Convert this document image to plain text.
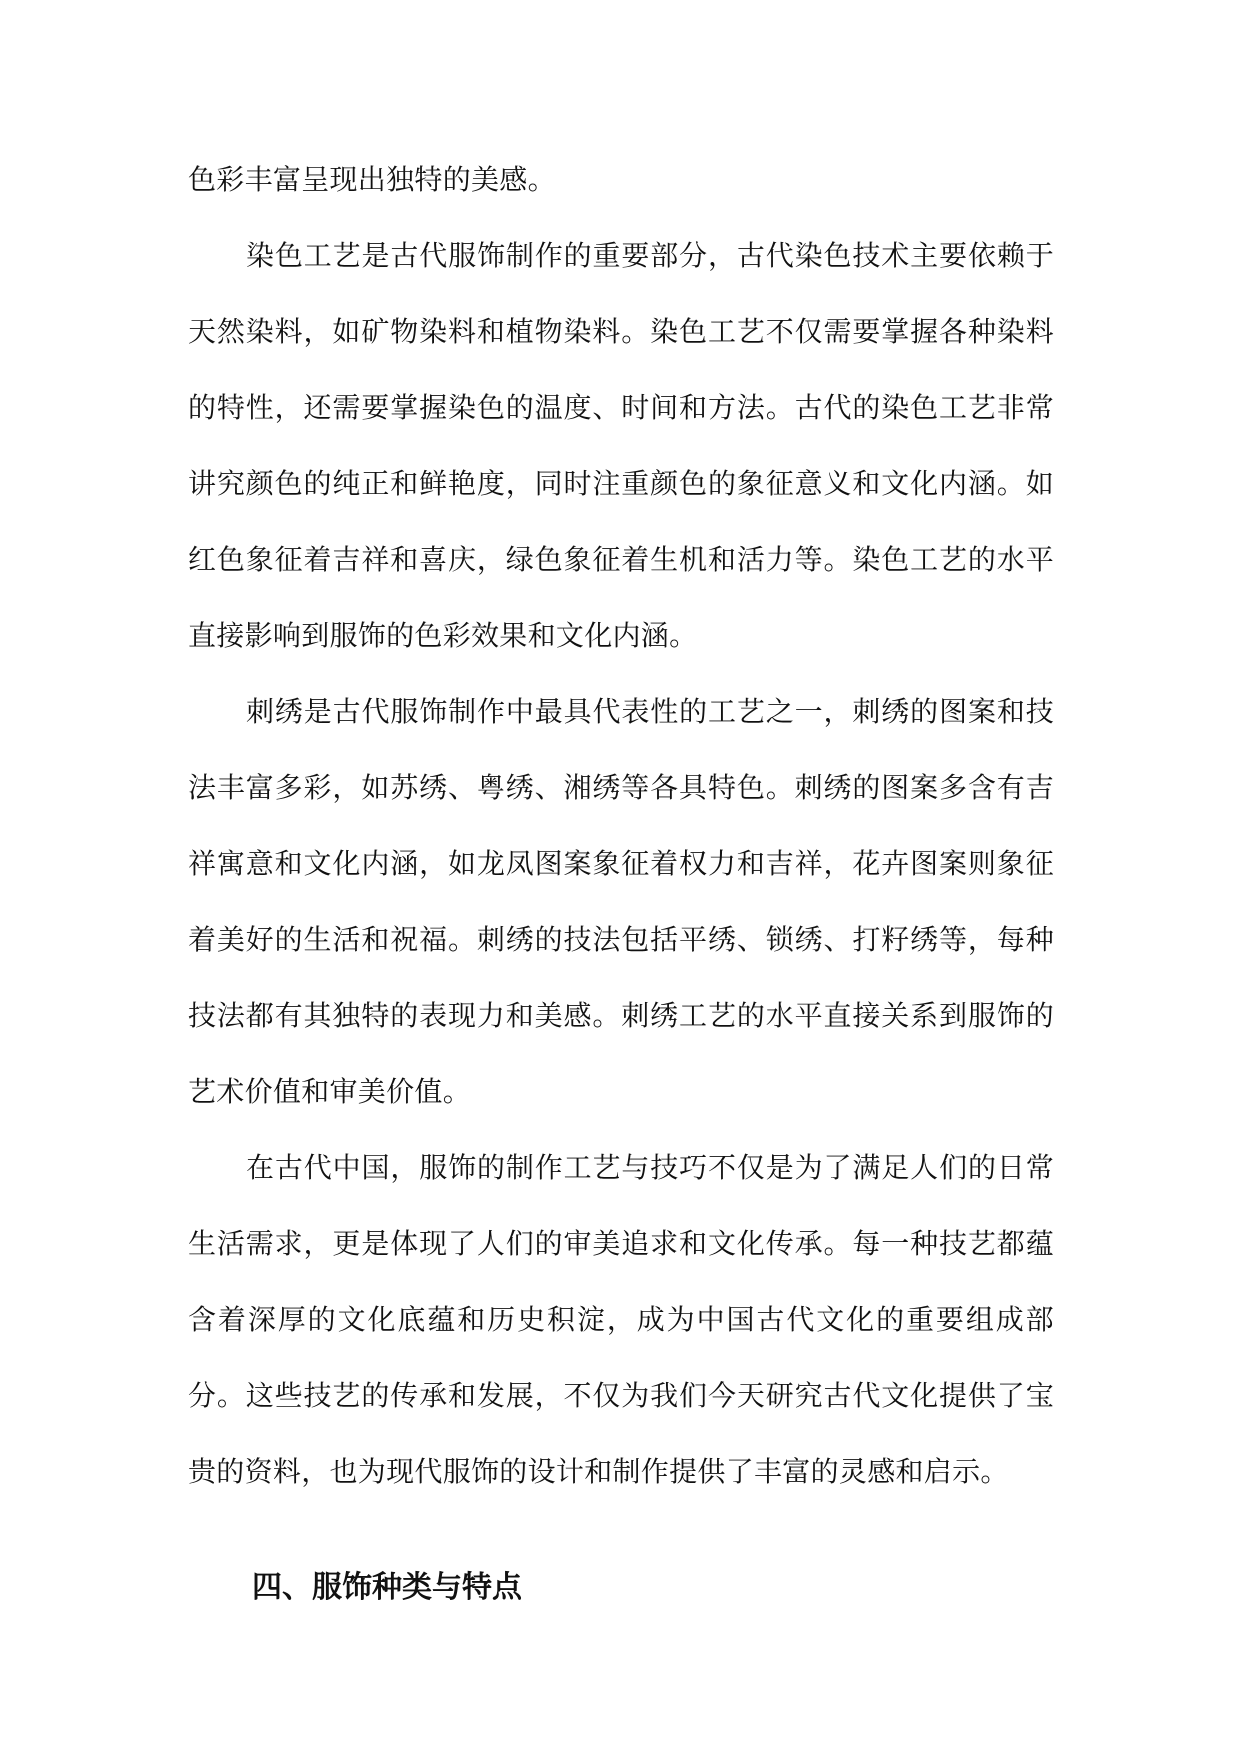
色彩丰富呈现出独特的美感。

染色工艺是古代服饰制作的重要部分，古代染色技术主要依赖于天然染料，如矿物染料和植物染料。染色工艺不仅需要掌握各种染料的特性，还需要掌握染色的温度、时间和方法。古代的染色工艺非常讲究颜色的纯正和鲜艳度，同时注重颜色的象征意义和文化内涵。如红色象征着吉祥和喜庆，绿色象征着生机和活力等。染色工艺的水平直接影响到服饰的色彩效果和文化内涵。

刺绣是古代服饰制作中最具代表性的工艺之一，刺绣的图案和技法丰富多彩，如苏绣、粤绣、湘绣等各具特色。刺绣的图案多含有吉祥寓意和文化内涵，如龙凤图案象征着权力和吉祥，花卉图案则象征着美好的生活和祝福。刺绣的技法包括平绣、锁绣、打籽绣等，每种技法都有其独特的表现力和美感。刺绣工艺的水平直接关系到服饰的艺术价值和审美价值。

在古代中国，服饰的制作工艺与技巧不仅是为了满足人们的日常生活需求，更是体现了人们的审美追求和文化传承。每一种技艺都蕴含着深厚的文化底蕴和历史积淀，成为中国古代文化的重要组成部分。这些技艺的传承和发展，不仅为我们今天研究古代文化提供了宝贵的资料，也为现代服饰的设计和制作提供了丰富的灵感和启示。

四、服饰种类与特点
